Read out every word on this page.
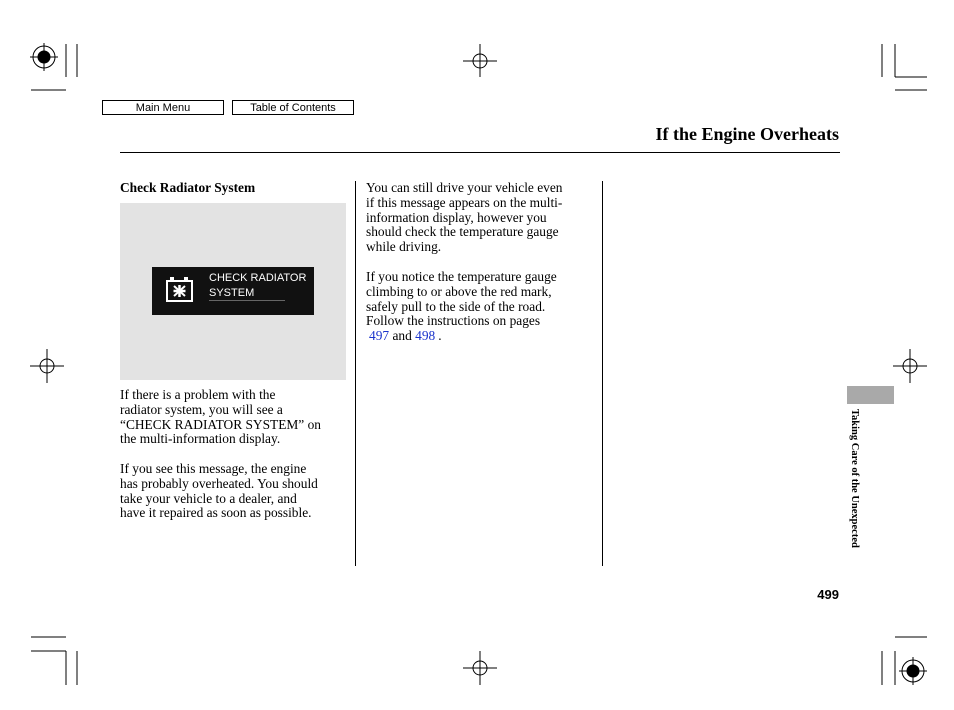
Main Menu	Table of Contents
If the Engine Overheats
Check Radiator System
CHECK RADIATOR
SYSTEM
If there is a problem with the
radiator system, you will see a
“CHECK RADIATOR SYSTEM” on
the multi-information display.
If you see this message, the engine
has probably overheated. You should
take your vehicle to a dealer, and
have it repaired as soon as possible.
You can still drive your vehicle even
if this message appears on the multi-
information display, however you
should check the temperature gauge
while driving.
If you notice the temperature gauge
climbing to or above the red mark,
safely pull to the side of the road.
Follow the instructions on pages
497 and 498 .
Taking Care of the Unexpected
499
